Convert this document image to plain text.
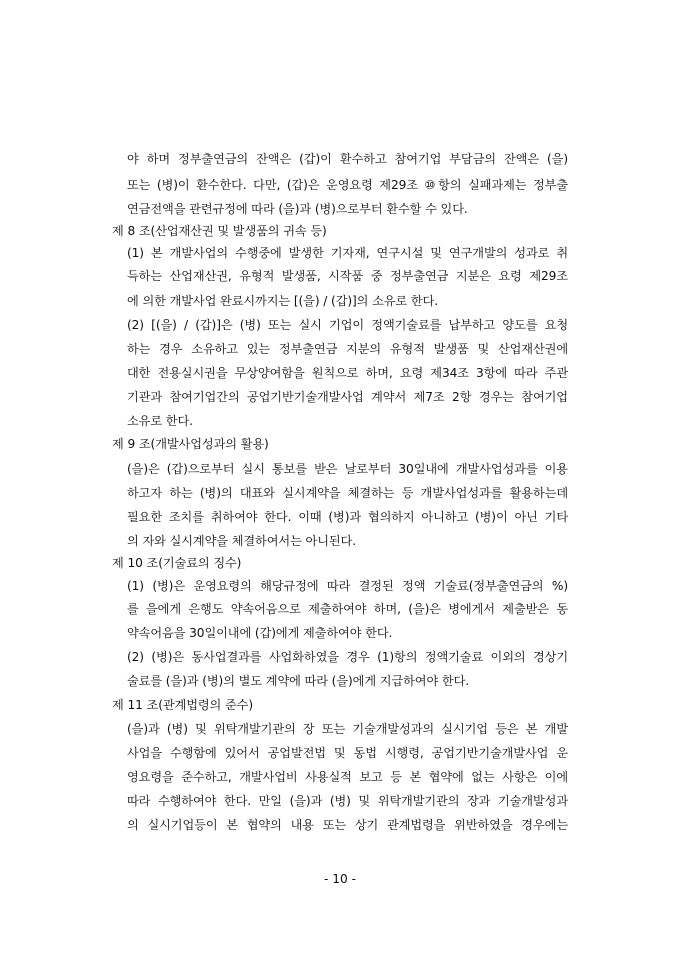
야 하며 정부출연금의 잔액은 (갑)이 환수하고 참여기업 부담금의 잔액은 (을)
또는 (병)이 환수한다. 다만, (갑)은 운영요령 제29조 ⑩항의 실패과제는 정부출
연금전액을 관련규정에 따라 (을)과 (병)으로부터 환수할 수 있다.
제 8 조(산업재산권 및 발생품의 귀속 등)
(1) 본 개발사업의 수행중에 발생한 기자재, 연구시설 및 연구개발의 성과로 취
득하는 산업재산권, 유형적 발생품, 시작품 중 정부출연금 지분은 요령 제29조
에 의한 개발사업 완료시까지는 [(을) / (갑)]의 소유로 한다.
(2) [(을) / (갑)]은 (병) 또는 실시 기업이 정액기술료를 납부하고 양도를 요청
하는 경우 소유하고 있는 정부출연금 지분의 유형적 발생품 및 산업재산권에
대한 전용실시권을 무상양여함을 원칙으로 하며, 요령 제34조 3항에 따라 주관
기관과 참여기업간의 공업기반기술개발사업 계약서 제7조 2항 경우는 참여기업
소유로 한다.
제 9 조(개발사업성과의 활용)
(을)은 (갑)으로부터 실시 통보를 받은 날로부터 30일내에 개발사업성과를 이용
하고자 하는 (병)의 대표와 실시계약을 체결하는 등 개발사업성과를 활용하는데
필요한 조치를 취하여야 한다. 이때 (병)과 협의하지 아니하고 (병)이 아닌 기타
의 자와 실시계약을 체결하여서는 아니된다.
제 10 조(기술료의 징수)
(1) (병)은 운영요령의 해당규정에 따라 결정된 정액 기술료(정부출연금의 %)
를 을에게 은행도 약속어음으로 제출하여야 하며, (을)은 병에게서 제출받은 동
약속어음을 30일이내에 (갑)에게 제출하여야 한다.
(2) (병)은 동사업결과를 사업화하였을 경우 (1)항의 정액기술료 이외의 경상기
술료를 (을)과 (병)의 별도 계약에 따라 (을)에게 지급하여야 한다.
제 11 조(관계법령의 준수)
(을)과 (병) 및 위탁개발기관의 장 또는 기술개발성과의 실시기업 등은 본 개발
사업을 수행함에 있어서 공업발전법 및 동법 시행령, 공업기반기술개발사업 운
영요령을 준수하고, 개발사업비 사용실적 보고 등 본 협약에 없는 사항은 이에
따라 수행하여야 한다. 만일 (을)과 (병) 및 위탁개발기관의 장과 기술개발성과
의 실시기업등이 본 협약의 내용 또는 상기 관계법령을 위반하였을 경우에는
- 10 -
